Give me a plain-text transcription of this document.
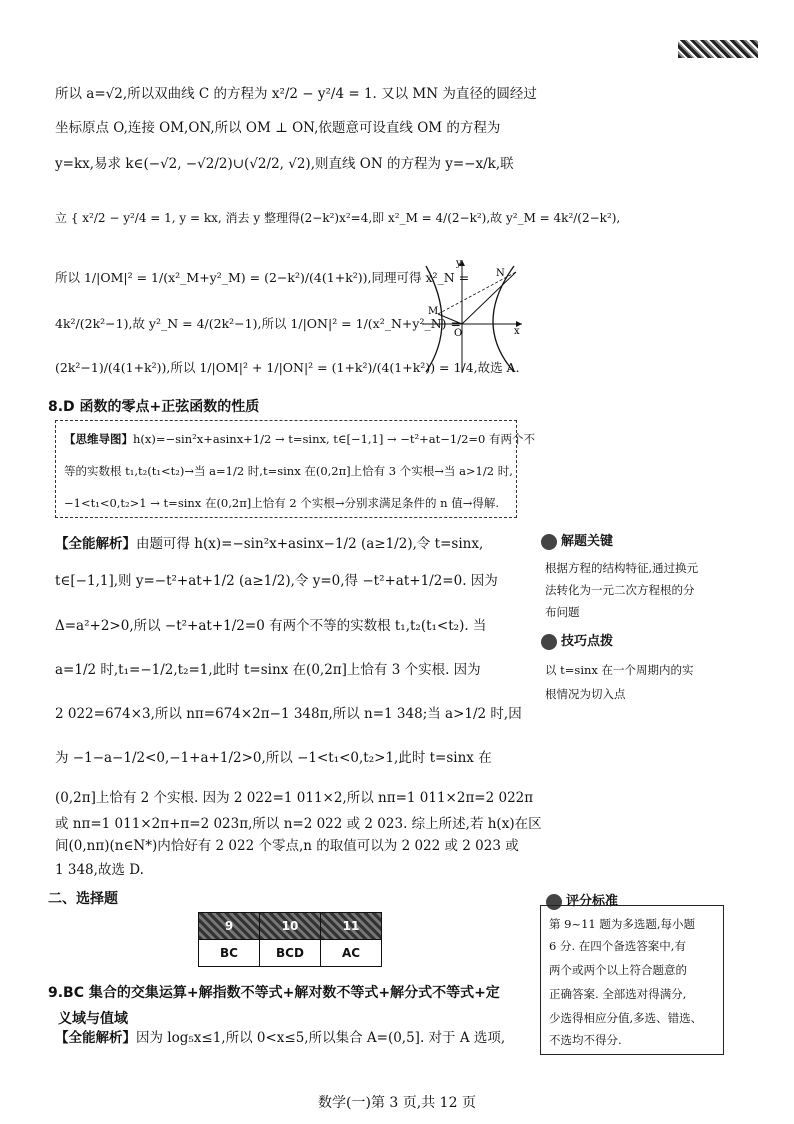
所以 a=√2,所以双曲线 C 的方程为 x²/2 − y²/4 = 1. 又以 MN 为直径的圆经过
坐标原点 O,连接 OM,ON,所以 OM ⊥ ON,依题意可设直线 OM 的方程为
y=kx,易求 k∈(−√2, −√2/2)∪(√2/2, √2),则直线 ON 的方程为 y=−x/k,联
立 { x²/2 − y²/4 = 1, y = kx, 消去 y 整理得(2−k²)x²=4,即 x²_M = 4/(2−k²),故 y²_M = 4k²/(2−k²),
所以 1/|OM|² = 1/(x²_M+y²_M) = (2−k²)/(4(1+k²)),同理可得 x²_N =
4k²/(2k²−1),故 y²_N = 4/(2k²−1),所以 1/|ON|² = 1/(x²_N+y²_N) =
(2k²−1)/(4(1+k²)),所以 1/|OM|² + 1/|ON|² = (1+k²)/(4(1+k²)) = 1/4,故选 A.
y
x
O
M
N
8.D 函数的零点+正弦函数的性质
【思维导图】h(x)=−sin²x+asinx+1/2 → t=sinx, t∈[−1,1] → −t²+at−1/2=0 有两个不
等的实数根 t₁,t₂(t₁<t₂)→当 a=1/2 时,t=sinx 在(0,2π]上恰有 3 个实根→当 a>1/2 时,
−1<t₁<0,t₂>1 → t=sinx 在(0,2π]上恰有 2 个实根→分别求满足条件的 n 值→得解.
【全能解析】由题可得 h(x)=−sin²x+asinx−1/2 (a≥1/2),令 t=sinx,
t∈[−1,1],则 y=−t²+at+1/2 (a≥1/2),令 y=0,得 −t²+at+1/2=0. 因为
Δ=a²+2>0,所以 −t²+at+1/2=0 有两个不等的实数根 t₁,t₂(t₁<t₂). 当
a=1/2 时,t₁=−1/2,t₂=1,此时 t=sinx 在(0,2π]上恰有 3 个实根. 因为
2 022=674×3,所以 nπ=674×2π−1 348π,所以 n=1 348;当 a>1/2 时,因
为 −1−a−1/2<0,−1+a+1/2>0,所以 −1<t₁<0,t₂>1,此时 t=sinx 在
(0,2π]上恰有 2 个实根. 因为 2 022=1 011×2,所以 nπ=1 011×2π=2 022π
或 nπ=1 011×2π+π=2 023π,所以 n=2 022 或 2 023. 综上所述,若 h(x)在区
间(0,nπ)(n∈N*)内恰好有 2 022 个零点,n 的取值可以为 2 022 或 2 023 或
1 348,故选 D.
二、选择题
9	10	11
BC	BCD	AC
9.BC 集合的交集运算+解指数不等式+解对数不等式+解分式不等式+定
义域与值域
【全能解析】因为 log₅x≤1,所以 0<x≤5,所以集合 A=(0,5]. 对于 A 选项,
解题关键
根据方程的结构特征,通过换元
法转化为一元二次方程根的分
布问题
技巧点拨
以 t=sinx 在一个周期内的实
根情况为切入点
评分标准
第 9~11 题为多选题,每小题
6 分. 在四个备选答案中,有
两个或两个以上符合题意的
正确答案. 全部选对得满分,
少选得相应分值,多选、错选、
不选均不得分.
数学(一)第 3 页,共 12 页
